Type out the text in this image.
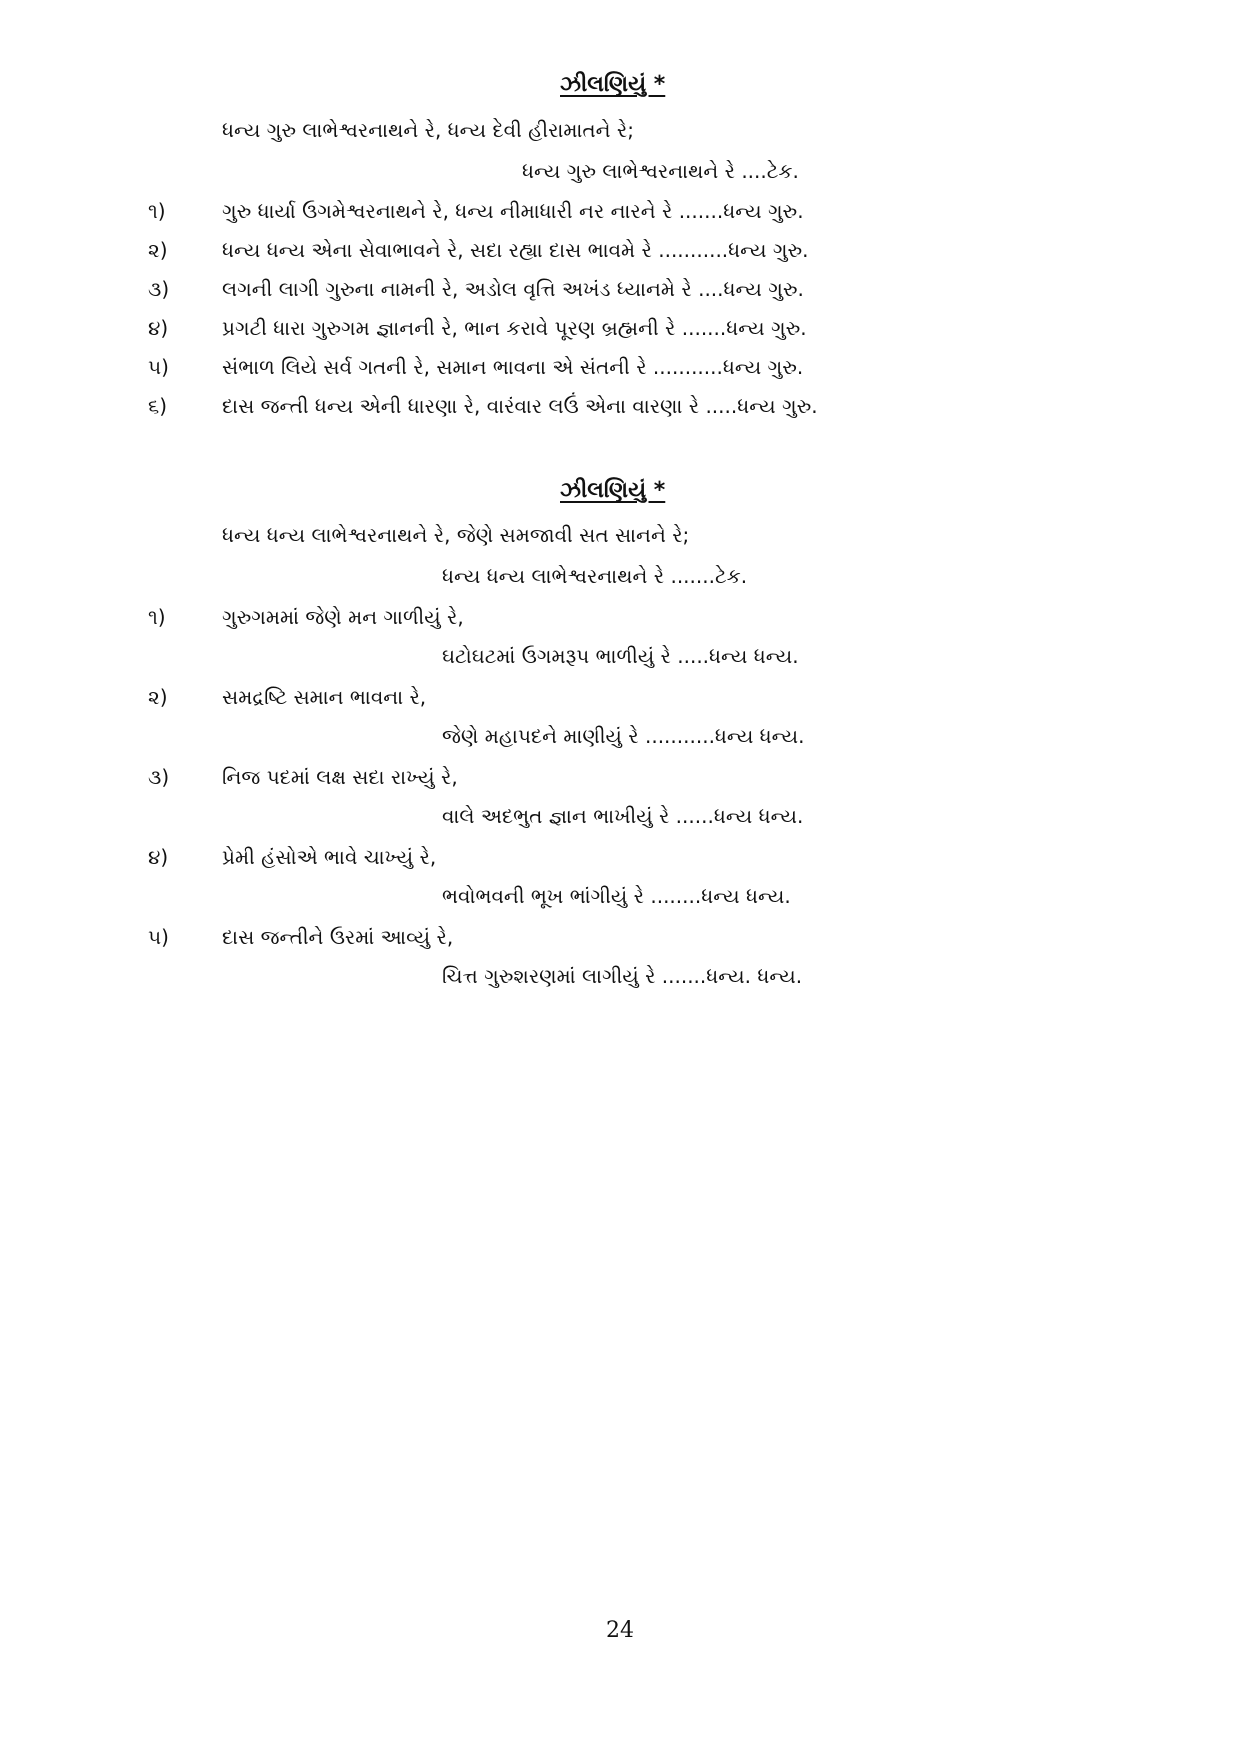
ઝીલણિયું *
ધન્ય ગુરુ લાભેશ્વરનાથને રે, ધન્ય દેવી હીરામાતને રે;
ધન્ય ગુરુ લાભેશ્વરનાથને રે ....ટેક.
૧)	ગુરુ ધાર્યા ઉગમેશ્વરનાથને રે, ધન્ય નીમાધારી નર નારને રે .......ધન્ય ગુરુ.
૨)	ધન્ય ધન્ય એના સેવાભાવને રે, સદા રહ્યા દાસ ભાવમે રે ...........ધન્ય ગુરુ.
૩)	લગની લાગી ગુરુના નામની રે, અડોલ વૃત્તિ અખંડ ધ્યાનમે રે ....ધન્ય ગુરુ.
૪)	પ્રગટી ધારા ગુરુગમ જ્ઞાનની રે, ભાન કરાવે પૂરણ બ્રહ્મની રે .......ધન્ય ગુરુ.
૫)	સંભાળ લિયે સર્વ ગતની રે, સમાન ભાવના એ સંતની રે ...........ધન્ય ગુરુ.
૬)	દાસ જન્તી ધન્ય એની ધારણા રે, વારંવાર લઉં એના વારણા રે .....ધન્ય ગુરુ.
ઝીલણિયું *
ધન્ય ધન્ય લાભેશ્વરનાથને રે, જેણે સમજાવી સત સાનને રે;
ધન્ય ધન્ય લાભેશ્વરનાથને રે .......ટેક.
૧)	ગુરુગમમાં જેણે મન ગાળીયું રે,
ઘટોઘટમાં ઉગમરૂપ ભાળીયું રે .....ધન્ય ધન્ય.
૨)	સમદ્રષ્ટિ સમાન ભાવના રે,
જેણે મહાપદને માણીયું રે ...........ધન્ય ધન્ય.
૩)	નિજ પદમાં લક્ષ સદા રાખ્યું રે,
વાલે અદભુત જ્ઞાન ભાખીયું રે ......ધન્ય ધન્ય.
૪)	પ્રેમી હંસોએ ભાવે ચાખ્યું રે,
ભવોભવની ભૂખ ભાંગીયું રે ........ધન્ય ધન્ય.
૫)	દાસ જન્તીને ઉરમાં આવ્યું રે,
ચિત્ત ગુરુશરણમાં લાગીયું રે .......ધન્ય. ધન્ય.
24
